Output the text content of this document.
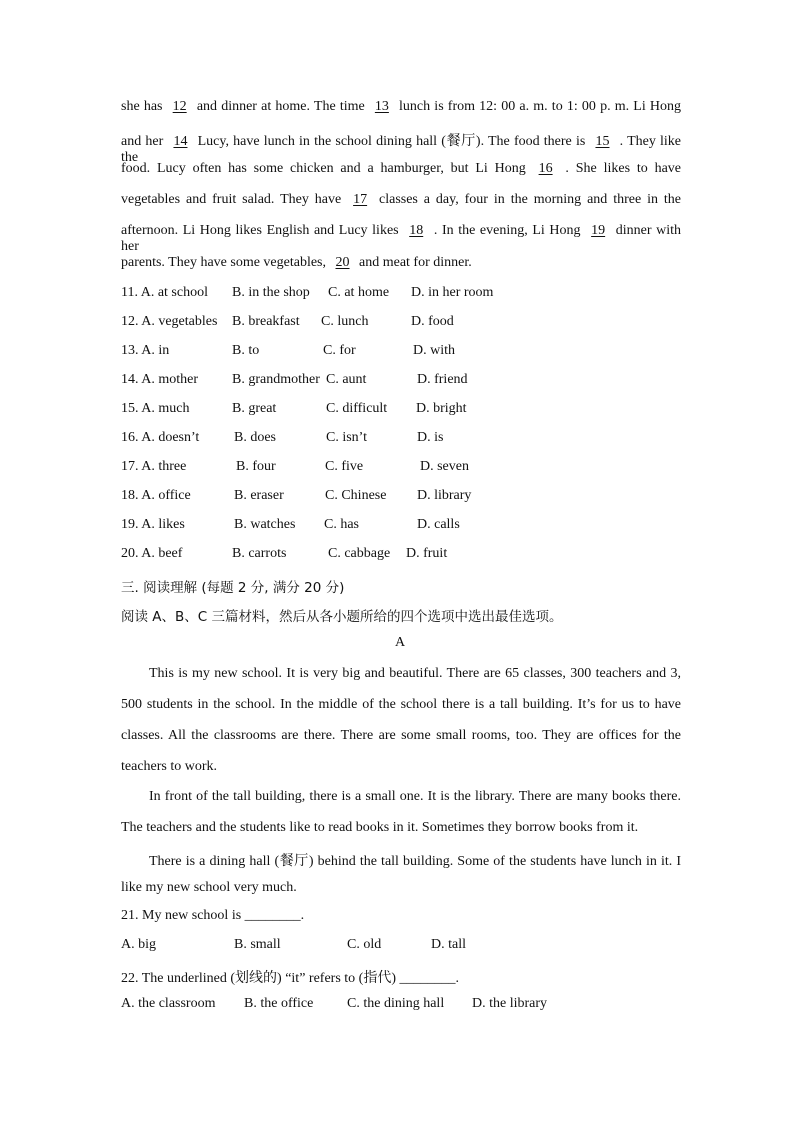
she has 12 and dinner at home. The time 13 lunch is from 12: 00 a. m. to 1: 00 p. m. Li Hong
and her 14 Lucy, have lunch in the school dining hall (餐厅). The food there is 15 . They like the
food. Lucy often has some chicken and a hamburger, but Li Hong 16 . She likes to have
vegetables and fruit salad. They have 17 classes a day, four in the morning and three in the
afternoon. Li Hong likes English and Lucy likes 18 . In the evening, Li Hong 19 dinner with her
parents. They have some vegetables, 20 and meat for dinner.
11. A. at school B. in the shop C. at home D. in her room
12. A. vegetables B. breakfast C. lunch	D. food
13. A. in	B. to	C. for	D. with
14. A. mother B. grandmother C. aunt	D. friend
15. A. much	B. great	C. difficult D. bright
16. A. doesn’t B. does	C. isn’t	D. is
17. A. three	B. four	C. five	D. seven
18. A. office	B. eraser	C. Chinese D. library
19. A. likes	B. watches C. has	D. calls
20. A. beef	B. carrots	C. cabbage D. fruit
三. 阅读理解 (每题 2 分, 满分 20 分)
阅读 A、B、C 三篇材料，然后从各小题所给的四个选项中选出最佳选项。
A
This is my new school. It is very big and beautiful. There are 65 classes, 300 teachers and 3,
500 students in the school. In the middle of the school there is a tall building. It’s for us to have
classes. All the classrooms are there. There are some small rooms, too. They are offices for the
teachers to work.
In front of the tall building, there is a small one. It is the library. There are many books there.
The teachers and the students like to read books in it. Sometimes they borrow books from it.
There is a dining hall (餐厅) behind the tall building. Some of the students have lunch in it. I
like my new school very much.
21. My new school is ________.
A. big	B. small	C. old	D. tall
22. The underlined (划线的) “it” refers to (指代) ________.
A. the classroom B. the office C. the dining hall D. the library
